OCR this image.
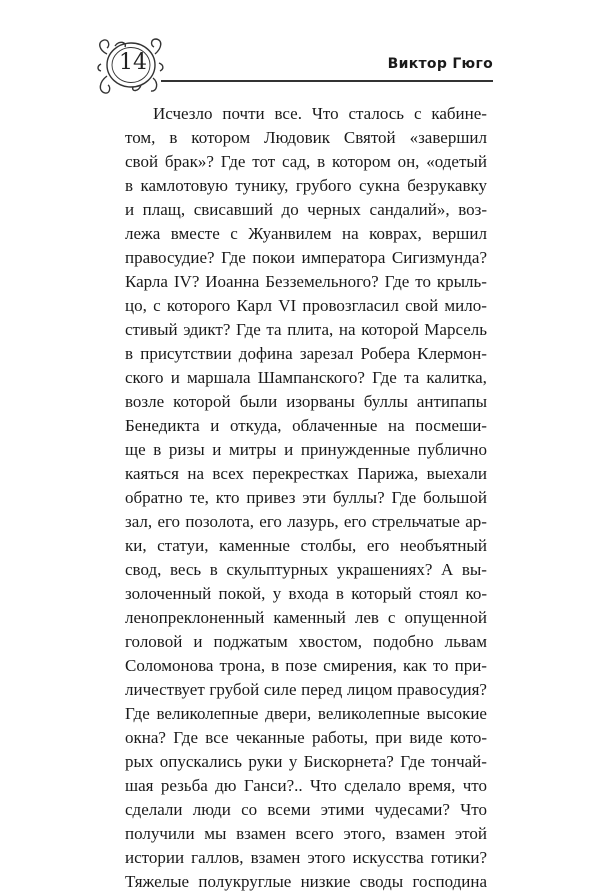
14	Виктор Гюго
Исчезло почти все. Что сталось с кабине-
том, в котором Людовик Святой «завершил
свой брак»? Где тот сад, в котором он, «одетый
в камлотовую тунику, грубого сукна безрукавку
и плащ, свисавший до черных сандалий», воз-
лежа вместе с Жуанвилем на коврах, вершил
правосудие? Где покои императора Сигизмунда?
Карла IV? Иоанна Безземельного? Где то крыль-
цо, с которого Карл VI провозгласил свой мило-
стивый эдикт? Где та плита, на которой Марсель
в присутствии дофина зарезал Робера Клермон-
ского и маршала Шампанского? Где та калитка,
возле которой были изорваны буллы антипапы
Бенедикта и откуда, облаченные на посмеши-
ще в ризы и митры и принужденные публично
каяться на всех перекрестках Парижа, выехали
обратно те, кто привез эти буллы? Где большой
зал, его позолота, его лазурь, его стрельчатые ар-
ки, статуи, каменные столбы, его необъятный
свод, весь в скульптурных украшениях? А вы-
золоченный покой, у входа в который стоял ко-
ленопреклоненный каменный лев с опущенной
головой и поджатым хвостом, подобно львам
Соломонова трона, в позе смирения, как то при-
личествует грубой силе перед лицом правосудия?
Где великолепные двери, великолепные высокие
окна? Где все чеканные работы, при виде кото-
рых опускались руки у Бискорнета? Где тончай-
шая резьба дю Ганси?.. Что сделало время, что
сделали люди со всеми этими чудесами? Что
получили мы взамен всего этого, взамен этой
истории галлов, взамен этого искусства готики?
Тяжелые полукруглые низкие своды господина
